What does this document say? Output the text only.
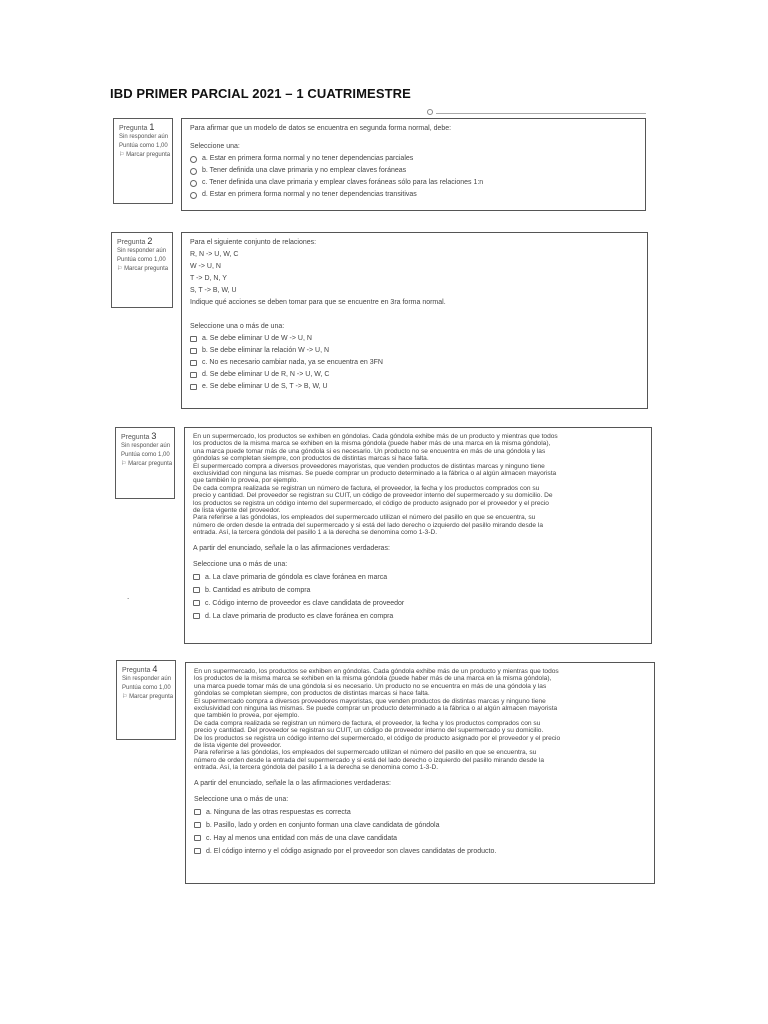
IBD PRIMER PARCIAL 2021 – 1 CUATRIMESTRE
.
Pregunta 1
Sin responder aún
Puntúa como 1,00
⚐ Marcar pregunta

Para afirmar que un modelo de datos se encuentra en segunda forma normal, debe:

Seleccione una:

a. Estar en primera forma normal y no tener dependencias parciales
b. Tener definida una clave primaria y no emplear claves foráneas
c. Tener definida una clave primaria y emplear claves foráneas sólo para las relaciones 1:n
d. Estar en primera forma normal y no tener dependencias transitivas
Pregunta 2
Sin responder aún
Puntúa como 1,00
⚐ Marcar pregunta

Para el siguiente conjunto de relaciones:

R, N -> U, W, C

W -> U, N

T -> D, N, Y

S, T -> B, W, U

Indique qué acciones se deben tomar para que se encuentre en 3ra forma normal.

Seleccione una o más de una:

a. Se debe eliminar U de W -> U, N
b. Se debe eliminar la relación W -> U, N
c. No es necesario cambiar nada, ya se encuentra en 3FN
d. Se debe eliminar U de R, N -> U, W, C
e. Se debe eliminar U de S, T -> B, W, U
Pregunta 3
Sin responder aún
Puntúa como 1,00
⚐ Marcar pregunta

En un supermercado, los productos se exhiben en góndolas. Cada góndola exhibe más de un producto y mientras que todos

los productos de la misma marca se exhiben en la misma góndola (puede haber más de una marca en la misma góndola),

una marca puede tomar más de una góndola si es necesario. Un producto no se encuentra en más de una góndola y las

góndolas se completan siempre, con productos de distintas marcas si hace falta.

El supermercado compra a diversos proveedores mayoristas, que venden productos de distintas marcas y ninguno tiene

exclusividad con ninguna las mismas. Se puede comprar un producto determinado a la fábrica o al algún almacen mayorista

que también lo provea, por ejemplo.

De cada compra realizada se registran un número de factura, el proveedor, la fecha y los productos comprados con su

precio y cantidad. Del proveedor se registran su CUIT, un código de proveedor interno del supermercado y su domicilio. De

los productos se registra un código interno del supermercado, el código de producto asignado por el proveedor y el precio

de lista vigente del proveedor.

Para referirse a las góndolas, los empleados del supermercado utilizan el número del pasillo en que se encuentra, su

número de orden desde la entrada del supermercado y si está del lado derecho o izquierdo del pasillo mirando desde la

entrada. Así, la tercera góndola del pasillo 1 a la derecha se denomina como 1-3-D.

A partir del enunciado, señale la o las afirmaciones verdaderas:

Seleccione una o más de una:

a. La clave primaria de góndola es clave foránea en marca
b. Cantidad es atributo de compra
c. Código interno de proveedor es clave candidata de proveedor
d. La clave primaria de producto es clave foránea en compra
Pregunta 4
Sin responder aún
Puntúa como 1,00
⚐ Marcar pregunta

En un supermercado, los productos se exhiben en góndolas. Cada góndola exhibe más de un producto y mientras que todos

los productos de la misma marca se exhiben en la misma góndola (puede haber más de una marca en la misma góndola),

una marca puede tomar más de una góndola si es necesario. Un producto no se encuentra en más de una góndola y las

góndolas se completan siempre, con productos de distintas marcas si hace falta.

El supermercado compra a diversos proveedores mayoristas, que venden productos de distintas marcas y ninguno tiene

exclusividad con ninguna las mismas. Se puede comprar un producto determinado a la fábrica o al algún almacen mayorista

que también lo provea, por ejemplo.

De cada compra realizada se registran un número de factura, el proveedor, la fecha y los productos comprados con su

precio y cantidad. Del proveedor se registran su CUIT, un código de proveedor interno del supermercado y su domicilio.

De los productos se registra un código interno del supermercado, el código de producto asignado por el proveedor y el precio

de lista vigente del proveedor.

Para referirse a las góndolas, los empleados del supermercado utilizan el número del pasillo en que se encuentra, su

número de orden desde la entrada del supermercado y si está del lado derecho o izquierdo del pasillo mirando desde la

entrada. Así, la tercera góndola del pasillo 1 a la derecha se denomina como 1-3-D.

A partir del enunciado, señale la o las afirmaciones verdaderas:

Seleccione una o más de una:

a. Ninguna de las otras respuestas es correcta
b. Pasillo, lado y orden en conjunto forman una clave candidata de góndola
c. Hay al menos una entidad con más de una clave candidata
d. El código interno y el código asignado por el proveedor son claves candidatas de producto.
